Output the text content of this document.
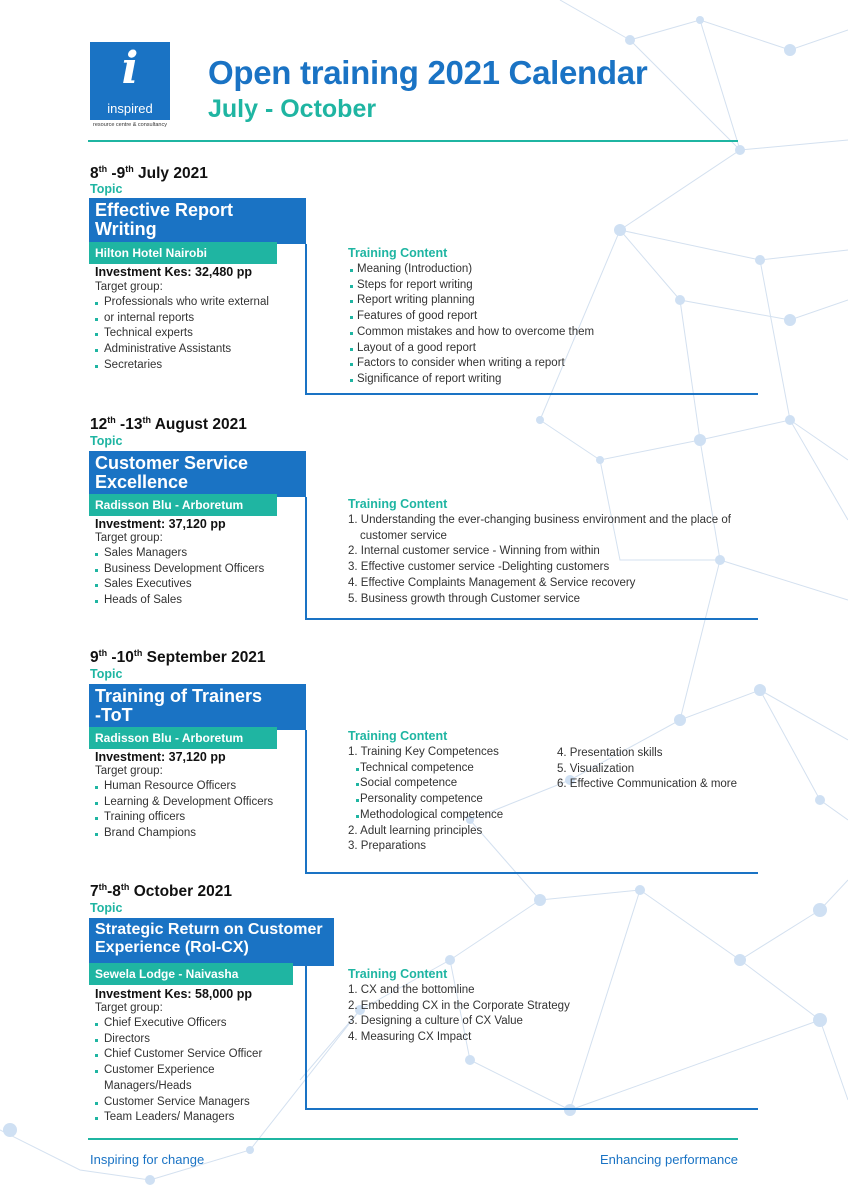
i
inspired
resource centre & consultancy
Open training 2021 Calendar
July - October
8th -9th July 2021
Topic
Effective Report
Writing
Hilton Hotel Nairobi
Investment Kes: 32,480 pp
Target group:
Professionals who write external
or internal reports
Technical experts
Administrative Assistants
Secretaries
Training Content
Meaning (Introduction)
Steps for report writing
Report writing planning
Features of good report
Common mistakes and how to overcome them
Layout of a good report
Factors to consider when writing a report
Significance of report writing
12th -13th August 2021
Topic
Customer Service
Excellence
Radisson Blu - Arboretum
Investment: 37,120 pp
Target group:
Sales Managers
Business Development Officers
Sales Executives
Heads of Sales
Training Content
1. Understanding the ever-changing business environment and the place of
customer service
2. Internal customer service - Winning from within
3. Effective customer service -Delighting customers
4. Effective Complaints Management & Service recovery
5. Business growth through Customer service
9th -10th September 2021
Topic
Training of Trainers
-ToT
Radisson Blu - Arboretum
Investment: 37,120 pp
Target group:
Human Resource Officers
Learning & Development Officers
Training officers
Brand Champions
Training Content
1. Training Key Competences
Technical competence
Social competence
Personality competence
Methodological competence
2. Adult learning principles
3. Preparations
4. Presentation skills
5. Visualization
6. Effective Communication & more
7th-8th October 2021
Topic
Strategic Return on Customer
Experience (RoI-CX)
Sewela Lodge - Naivasha
Investment Kes: 58,000 pp
Target group:
Chief Executive Officers
Directors
Chief Customer Service Officer
Customer Experience Managers/Heads
Customer Service Managers
Team Leaders/ Managers
Training Content
1. CX and the bottomline
2. Embedding CX in the Corporate Strategy
3. Designing a culture of CX Value
4. Measuring CX Impact
Inspiring for change	Enhancing performance
